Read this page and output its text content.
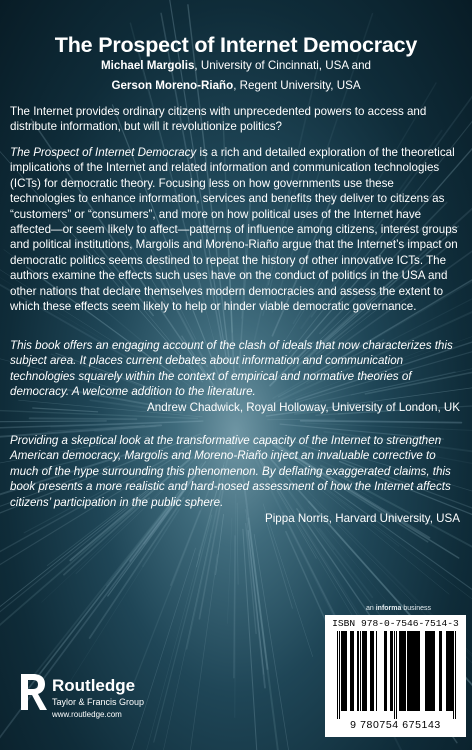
The Prospect of Internet Democracy
Michael Margolis, University of Cincinnati, USA and
Gerson Moreno-Riaño, Regent University, USA

The Internet provides ordinary citizens with unprecedented powers to access and distribute information, but will it revolutionize politics?

The Prospect of Internet Democracy is a rich and detailed exploration of the theoretical implications of the Internet and related information and communication technologies (ICTs) for democratic theory. Focusing less on how governments use these technologies to enhance information, services and benefits they deliver to citizens as “customers” or “consumers”, and more on how political uses of the Internet have affected—or seem likely to affect—patterns of influence among citizens, interest groups and political institutions, Margolis and Moreno-Riaño argue that the Internet’s impact on democratic politics seems destined to repeat the history of other innovative ICTs. The authors examine the effects such uses have on the conduct of politics in the USA and other nations that declare themselves modern democracies and assess the extent to which these effects seem likely to help or hinder viable democratic governance.

This book offers an engaging account of the clash of ideals that now characterizes this subject area. It places current debates about information and communication technologies squarely within the context of empirical and normative theories of democracy. A welcome addition to the literature.

Andrew Chadwick, Royal Holloway, University of London, UK

Providing a skeptical look at the transformative capacity of the Internet to strengthen American democracy, Margolis and Moreno-Riaño inject an invaluable corrective to much of the hype surrounding this phenomenon. By deflating exaggerated claims, this book presents a more realistic and hard-nosed assessment of how the Internet affects citizens’ participation in the public sphere.

Pippa Norris, Harvard University, USA
an informa business
ISBN 978-0-7546-7514-3
9 780754 675143
Routledge
Taylor & Francis Group
www.routledge.com
